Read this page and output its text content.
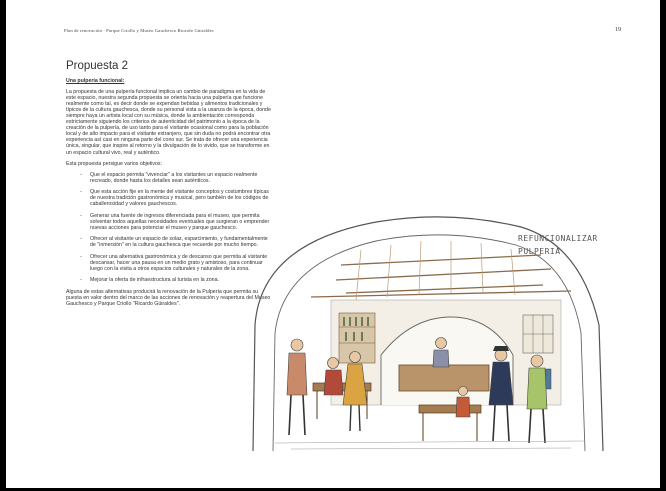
Plan de renovación · Parque Criollo y Museo Gauchesco Ricardo Güiraldes	19
Propuesta 2

Una pulpería funcional:

La propuesta de una pulpería funcional implica un cambio de paradigma en la vida de este espacio, nuestra segunda propuesta se orienta hacia una pulpería que funcione realmente como tal, es decir donde se expendan bebidas y alimentos tradicionales y típicos de la cultura gauchesca, donde su personal vista a la usanza de la época, donde siempre haya un artista local con su música, donde la ambientación corresponda estrictamente siguiendo los criterios de autenticidad del patrimonio a la época de la creación de la pulpería, de uso tanto para el visitante ocasional como para la población local y de alto impacto para el visitante extranjero, que sin duda no podrá encontrar otra experiencia así casi en ninguna parte del cono sur. Se trata de ofrecer una experiencia única, singular, que inspire al retorno y la divulgación de lo vivido, que se transforme en un espacio cultural vivo, real y auténtico.

Esta propuesta persigue varios objetivos:

- Que el espacio permita "vivenciar" a los visitantes un espacio realmente recreado, donde hasta los detalles sean auténticos.
- Que esta acción fije en la mente del visitante conceptos y costumbres típicas de nuestra tradición gastronómica y musical, pero también de los códigos de caballerosidad y valores gauchescos.
- Generar una fuente de ingresos diferenciada para el museo, que permita solventar todos aquellas necesidades eventuales que surgieran o emprender nuevas acciones para potenciar el museo y parque gauchesco.
- Ofrecer al visitante un espacio de solaz, esparcimiento, y fundamentalmente de "inmersión" en la cultura gauchesca que recuerde por mucho tiempo.
- Ofrecer una alternativa gastronómica y de descanso que permita al visitante descansar, hacer una pausa en un medio grato y amistoso, para continuar luego con la visita a otros espacios culturales y naturales de la zona.
- Mejorar la oferta de infraestructura al turista en la zona.

Alguna de estas alternativas producirá la renovación de la Pulpería que permita su puesta en valor dentro del marco de las acciones de renovación y reapertura del Museo Gauchesco y Parque Criollo "Ricardo Güiraldes".

REFUNCIONALIZAR PULPERIA
